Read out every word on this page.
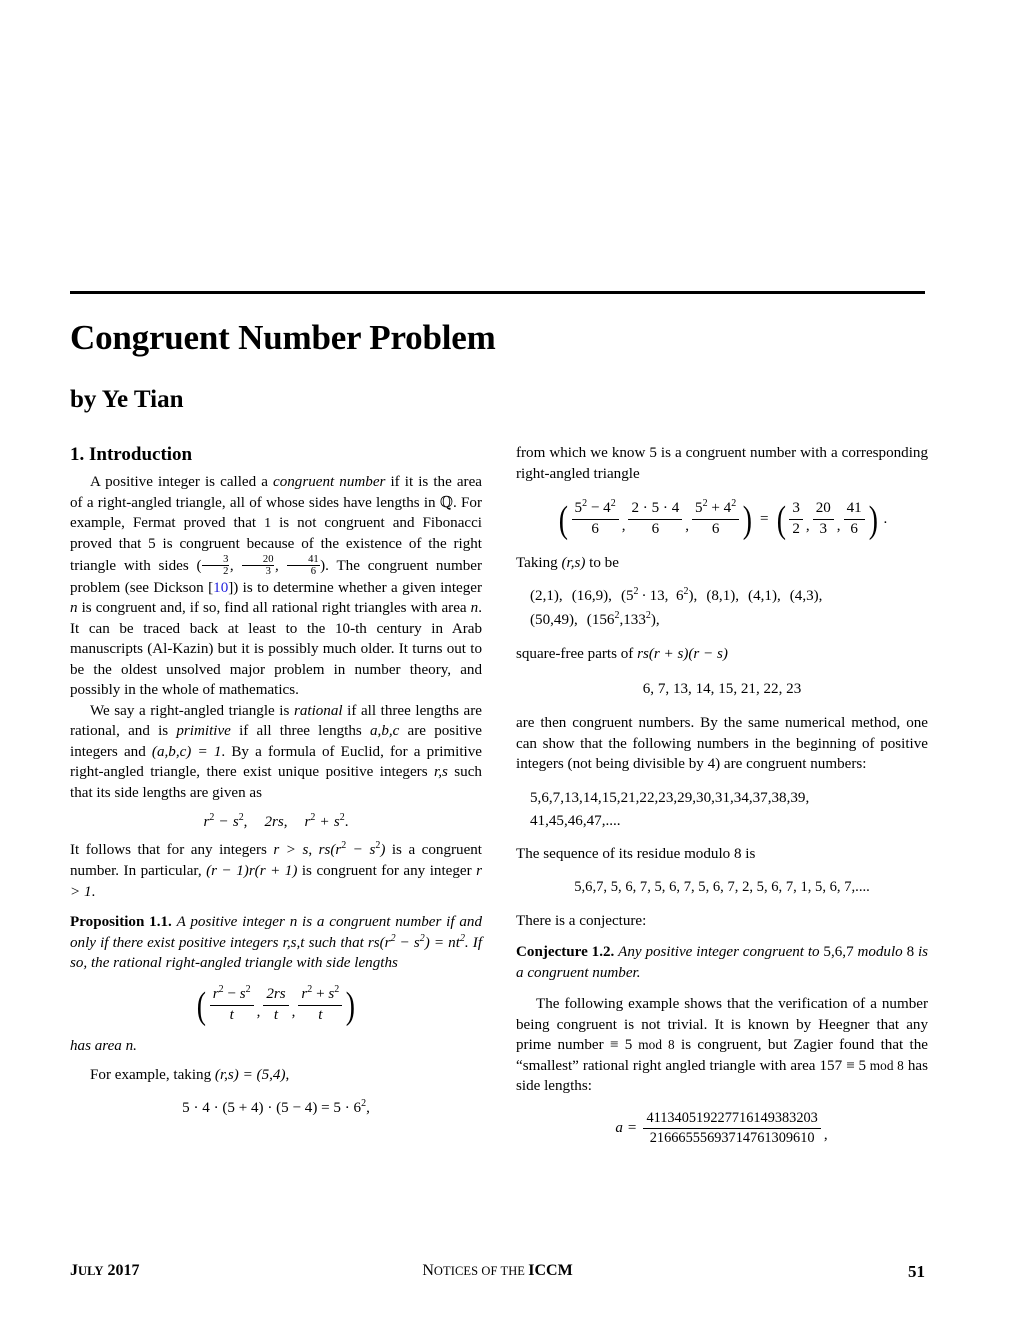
Congruent Number Problem
by Ye Tian
1. Introduction

A positive integer is called a congruent number if it is the area of a right-angled triangle, all of whose sides have lengths in ℚ. For example, Fermat proved that 1 is not congruent and Fibonacci proved that 5 is congruent because of the existence of the right triangle with sides ( $\frac{3}{2}$ , $\frac{20}{3}$ , $\frac{41}{6}$ ). The congruent number problem (see Dickson [10]) is to determine whether a given integer n is congruent and, if so, find all rational right triangles with area n. It can be traced back at least to the 10-th century in Arab manuscripts (Al-Kazin) but it is possibly much older. It turns out to be the oldest unsolved major problem in number theory, and possibly in the whole of mathematics.

We say a right-angled triangle is rational if all three lengths are rational, and is primitive if all three lengths a,b,c are positive integers and (a,b,c) = 1. By a formula of Euclid, for a primitive right-angled triangle, there exist unique positive integers r,s such that its side lengths are given as

$r^2 - s^2$, 2rs, $r^2 + s^2$.

It follows that for any integers r > s, $rs(r^2 - s^2)$ is a congruent number. In particular, (r − 1)r(r + 1) is congruent for any integer r > 1.

Proposition 1.1. A positive integer n is a congruent number if and only if there exist positive integers r,s,t such that $rs(r^2 - s^2) = nt^2$. If so, the rational right-angled triangle with side lengths

( $\frac{r^2 - s^2}{t}$ , $\frac{2rs}{t}$ , $\frac{r^2 + s^2}{t}$ )

has area n.

For example, taking (r,s) = (5,4),

$5 \cdot 4 \cdot (5 + 4) \cdot (5 - 4) = 5 \cdot 6^2$,

from which we know 5 is a congruent number with a corresponding right-angled triangle

( $\frac{5^2 - 4^2}{6}$ , $\frac{2 \cdot 5 \cdot 4}{6}$ , $\frac{5^2 + 4^2}{6}$ ) = ( $\frac{3}{2}$ , $\frac{20}{3}$ , $\frac{41}{6}$ ) .

Taking (r,s) to be

(2,1), (16,9), ($5^2 \cdot 13$,  $6^2$), (8,1), (4,1), (4,3),
(50,49), $(156^2,133^2)$,

square-free parts of rs(r + s)(r − s)

6, 7, 13, 14, 15, 21, 22, 23

are then congruent numbers. By the same numerical method, one can show that the following numbers in the beginning of positive integers (not being divisible by 4) are congruent numbers:

5,6,7,13,14,15,21,22,23,29,30,31,34,37,38,39,
41,45,46,47,....

The sequence of its residue modulo 8 is

5,6,7, 5, 6, 7, 5, 6, 7, 5, 6, 7, 2, 5, 6, 7, 1, 5, 6, 7,....

There is a conjecture:

Conjecture 1.2. Any positive integer congruent to 5,6,7 modulo 8 is a congruent number.

The following example shows that the verification of a number being congruent is not trivial. It is known by Heegner that any prime number ≡ 5 mod 8 is congruent, but Zagier found that the “smallest” rational right angled triangle with area 157 ≡ 5 mod 8 has side lengths:

$a = \frac{411340519227716149383203}{21666555693714761309610}$ ,
JULY 2017	NOTICES OF THE ICCM	51
